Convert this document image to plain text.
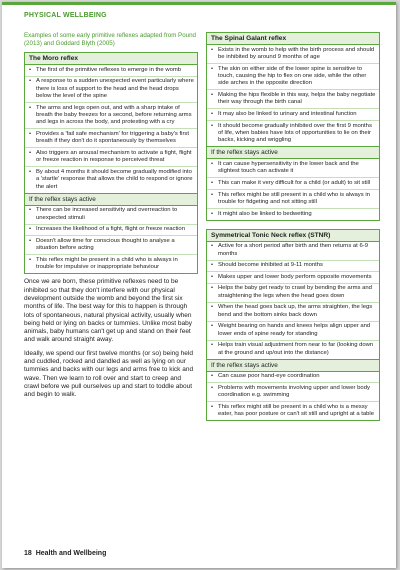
PHYSICAL WELLBEING
Examples of some early primitive reflexes adapted from Pound (2013) and Goddard Blyth (2005)
The Moro reflex
• The first of the primitive reflexes to emerge in the womb
• A response to a sudden unexpected event particularly where there is loss of support to the head and the head drops below the level of the spine
• The arms and legs open out, and with a sharp intake of breath the baby freezes for a second, before returning arms and legs in across the body, and protesting with a cry
• Provides a 'fail safe mechanism' for triggering a baby's first breath if they don't do it spontaneously by themselves
• Also triggers an arousal mechanism to activate a fight, flight or freeze reaction in response to perceived threat
• By about 4 months it should become gradually modified into a 'startle' response that allows the child to respond or ignore the alert
If the reflex stays active
• There can be increased sensitivity and overreaction to unexpected stimuli
• Increases the likelihood of a fight, flight or freeze reaction
• Doesn't allow time for conscious thought to analyse a situation before acting
• This reflex might be present in a child who is always in trouble for impulsive or inappropriate behaviour

Once we are born, these primitive reflexes need to be inhibited so that they don't interfere with our physical development outside the womb and beyond the first six months of life. The best way for this to happen is through lots of spontaneous, natural physical activity, usually when being held or lying on backs or tummies. Unlike most baby animals, baby humans can't get up and stand on their feet and walk around straight away.

Ideally, we spend our first twelve months (or so) being held and cuddled, rocked and dandled as well as lying on our tummies and backs with our legs and arms free to kick and wave. Then we learn to roll over and start to creep and crawl before we pull ourselves up and start to toddle about and begin to walk.

The Spinal Galant reflex
• Exists in the womb to help with the birth process and should be inhibited by around 9 months of age
• The skin on either side of the lower spine is sensitive to touch, causing the hip to flex on one side, while the other side arches in the opposite direction
• Making the hips flexible in this way, helps the baby negotiate their way through the birth canal
• It may also be linked to urinary and intestinal function
• It should become gradually inhibited over the first 9 months of life, when babies have lots of opportunities to lie on their backs, kicking and wriggling
If the reflex stays active
• It can cause hypersensitivity in the lower back and the slightest touch can activate it
• This can make it very difficult for a child (or adult) to sit still
• This reflex might be still present in a child who is always in trouble for fidgeting and not sitting still
• It might also be linked to bedwetting
Symmetrical Tonic Neck reflex (STNR)
• Active for a short period after birth and then returns at 6-9 months
• Should become inhibited at 9-11 months
• Makes upper and lower body perform opposite movements
• Helps the baby get ready to crawl by bending the arms and straightening the legs when the head goes down
• When the head goes back up, the arms straighten, the legs bend and the bottom sinks back down
• Weight bearing on hands and knees helps align upper and lower ends of spine ready for standing
• Helps train visual adjustment from near to far (looking down at the ground and up/out into the distance)
If the reflex stays active
• Can cause poor hand-eye coordination
• Problems with movements involving upper and lower body coordination e.g. swimming
• This reflex might still be present in a child who is a messy eater, has poor posture or can't sit still and upright at a table
18 Health and Wellbeing
